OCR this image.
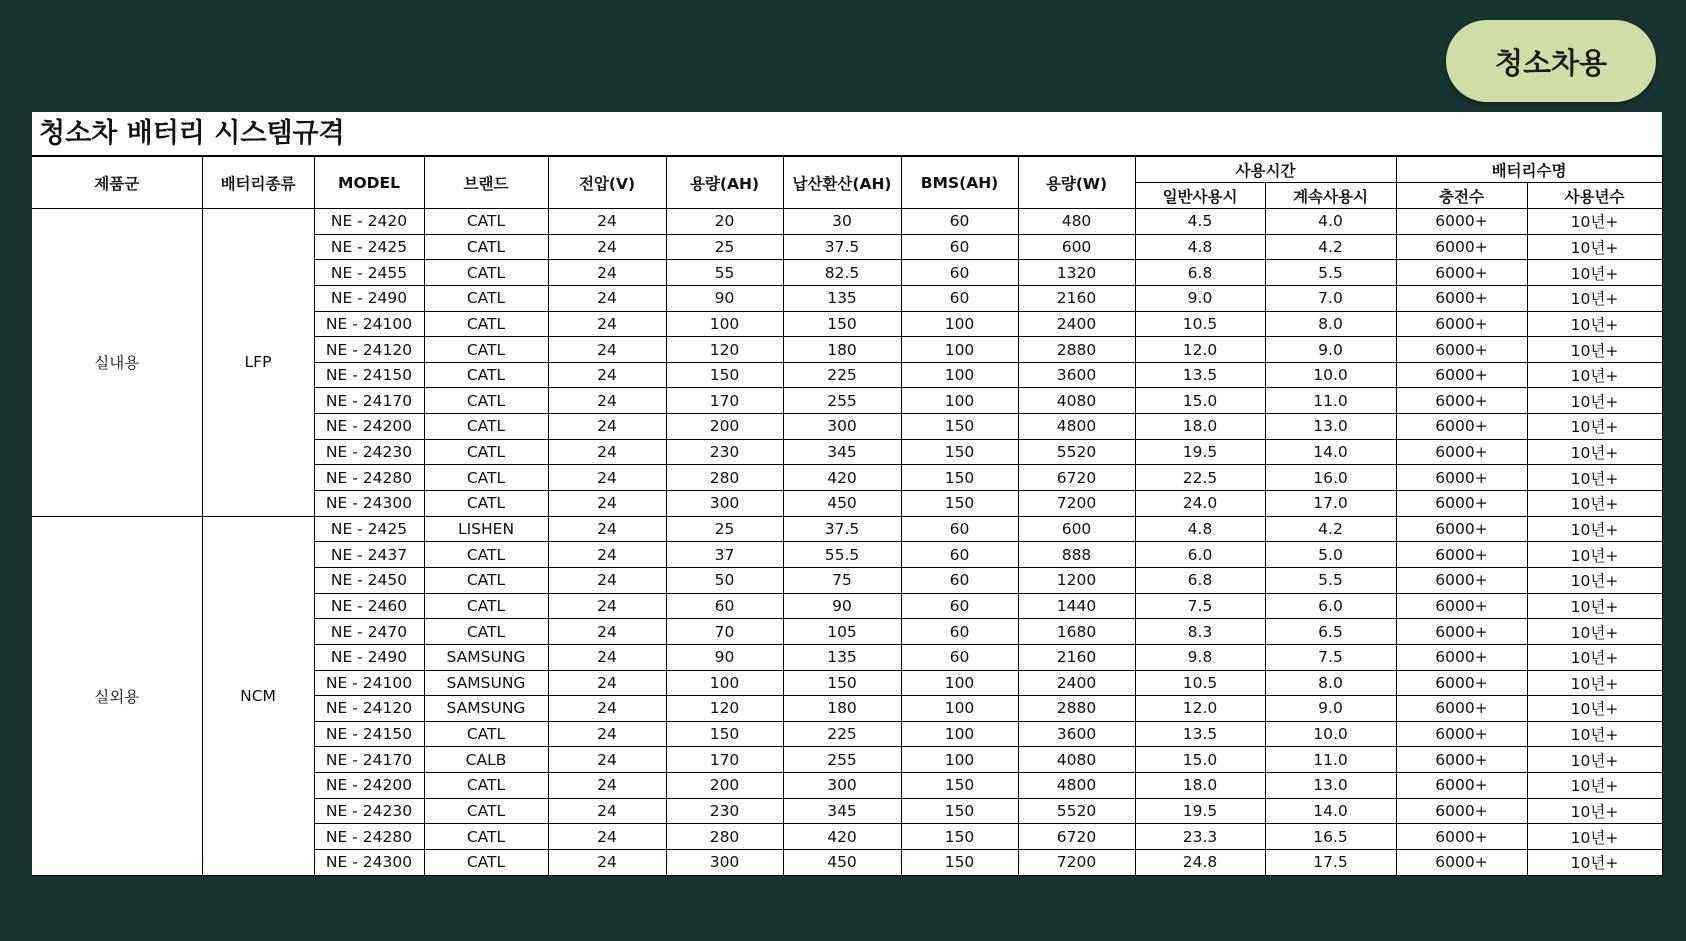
청소차용
청소차 배터리 시스템규격
제품군	배터리종류	MODEL	브랜드	전압(V)	용량(AH)	납산환산(AH)	BMS(AH)	용량(W)	사용시간		배터리수명	
									일반사용시	계속사용시	충전수	사용년수
실내용	LFP	NE - 2420	CATL	24	20	30	60	480	4.5	4.0	6000+	10년+
		NE - 2425	CATL	24	25	37.5	60	600	4.8	4.2	6000+	10년+
		NE - 2455	CATL	24	55	82.5	60	1320	6.8	5.5	6000+	10년+
		NE - 2490	CATL	24	90	135	60	2160	9.0	7.0	6000+	10년+
		NE - 24100	CATL	24	100	150	100	2400	10.5	8.0	6000+	10년+
		NE - 24120	CATL	24	120	180	100	2880	12.0	9.0	6000+	10년+
		NE - 24150	CATL	24	150	225	100	3600	13.5	10.0	6000+	10년+
		NE - 24170	CATL	24	170	255	100	4080	15.0	11.0	6000+	10년+
		NE - 24200	CATL	24	200	300	150	4800	18.0	13.0	6000+	10년+
		NE - 24230	CATL	24	230	345	150	5520	19.5	14.0	6000+	10년+
		NE - 24280	CATL	24	280	420	150	6720	22.5	16.0	6000+	10년+
		NE - 24300	CATL	24	300	450	150	7200	24.0	17.0	6000+	10년+
실외용	NCM	NE - 2425	LISHEN	24	25	37.5	60	600	4.8	4.2	6000+	10년+
		NE - 2437	CATL	24	37	55.5	60	888	6.0	5.0	6000+	10년+
		NE - 2450	CATL	24	50	75	60	1200	6.8	5.5	6000+	10년+
		NE - 2460	CATL	24	60	90	60	1440	7.5	6.0	6000+	10년+
		NE - 2470	CATL	24	70	105	60	1680	8.3	6.5	6000+	10년+
		NE - 2490	SAMSUNG	24	90	135	60	2160	9.8	7.5	6000+	10년+
		NE - 24100	SAMSUNG	24	100	150	100	2400	10.5	8.0	6000+	10년+
		NE - 24120	SAMSUNG	24	120	180	100	2880	12.0	9.0	6000+	10년+
		NE - 24150	CATL	24	150	225	100	3600	13.5	10.0	6000+	10년+
		NE - 24170	CALB	24	170	255	100	4080	15.0	11.0	6000+	10년+
		NE - 24200	CATL	24	200	300	150	4800	18.0	13.0	6000+	10년+
		NE - 24230	CATL	24	230	345	150	5520	19.5	14.0	6000+	10년+
		NE - 24280	CATL	24	280	420	150	6720	23.3	16.5	6000+	10년+
		NE - 24300	CATL	24	300	450	150	7200	24.8	17.5	6000+	10년+
